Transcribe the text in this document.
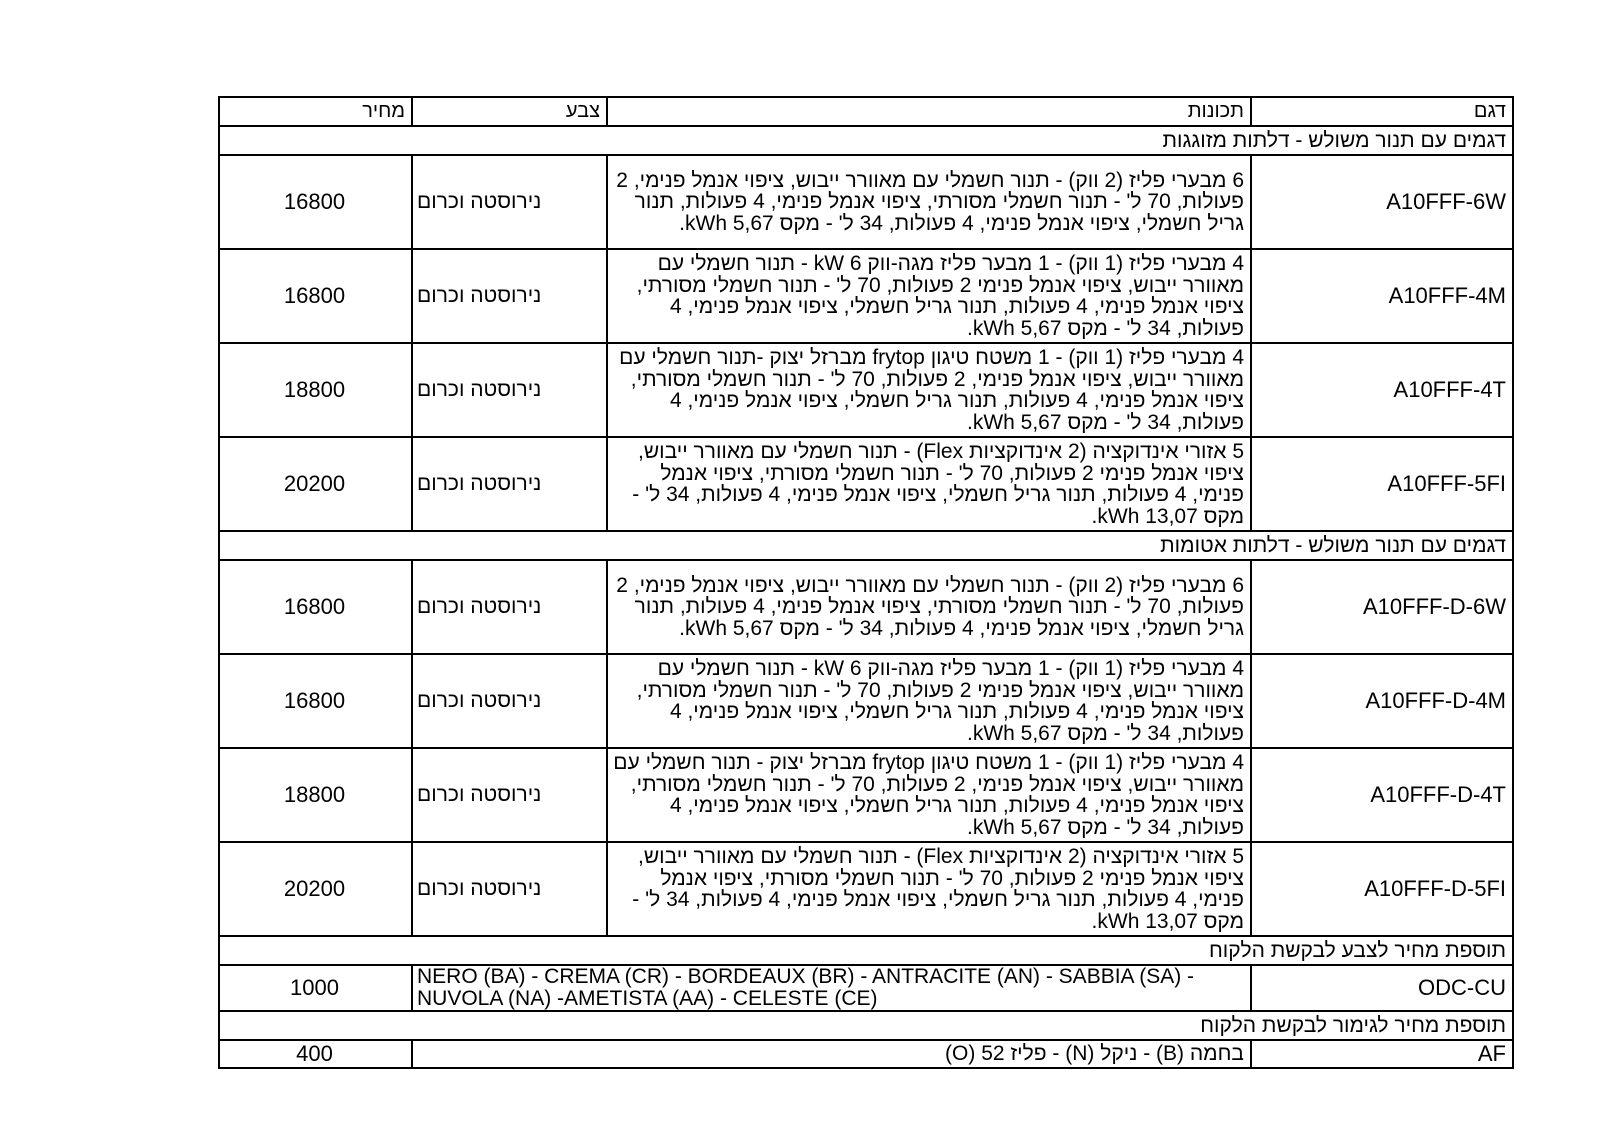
דגם	תכונות	צבע	מחיר
דגמים עם תנור משולש - דלתות מזוגגות			
A10FFF-6W	6 מבערי פליז (2 ווק) - תנור חשמלי עם מאוורר ייבוש, ציפוי אנמל פנימי, 2 פעולות, 70 ל' - תנור חשמלי מסורתי, ציפוי אנמל פנימי, 4 פעולות, תנור גריל חשמלי, ציפוי אנמל פנימי, 4 פעולות, 34 ל' - מקס 5,67 kWh.	נירוסטה וכרום	16800
A10FFF-4M	4 מבערי פליז (1 ווק) - 1 מבער פליז מגה-ווק 6 kW - תנור חשמלי עם מאוורר ייבוש, ציפוי אנמל פנימי 2 פעולות, 70 ל' - תנור חשמלי מסורתי, ציפוי אנמל פנימי, 4 פעולות, תנור גריל חשמלי, ציפוי אנמל פנימי, 4 פעולות, 34 ל' - מקס 5,67 kWh.	נירוסטה וכרום	16800
A10FFF-4T	4 מבערי פליז (1 ווק) - 1 משטח טיגון frytop מברזל יצוק -תנור חשמלי עם מאוורר ייבוש, ציפוי אנמל פנימי, 2 פעולות, 70 ל' - תנור חשמלי מסורתי, ציפוי אנמל פנימי, 4 פעולות, תנור גריל חשמלי, ציפוי אנמל פנימי, 4 פעולות, 34 ל' - מקס 5,67 kWh.	נירוסטה וכרום	18800
A10FFF-5FI	5 אזורי אינדוקציה (2 אינדוקציות Flex) - תנור חשמלי עם מאוורר ייבוש, ציפוי אנמל פנימי 2 פעולות, 70 ל' - תנור חשמלי מסורתי, ציפוי אנמל פנימי, 4 פעולות, תנור גריל חשמלי, ציפוי אנמל פנימי, 4 פעולות, 34 ל' - מקס 13,07 kWh.	נירוסטה וכרום	20200
דגמים עם תנור משולש - דלתות אטומות			
A10FFF-D-6W	6 מבערי פליז (2 ווק) - תנור חשמלי עם מאוורר ייבוש, ציפוי אנמל פנימי, 2 פעולות, 70 ל' - תנור חשמלי מסורתי, ציפוי אנמל פנימי, 4 פעולות, תנור גריל חשמלי, ציפוי אנמל פנימי, 4 פעולות, 34 ל' - מקס 5,67 kWh.	נירוסטה וכרום	16800
A10FFF-D-4M	4 מבערי פליז (1 ווק) - 1 מבער פליז מגה-ווק 6 kW - תנור חשמלי עם מאוורר ייבוש, ציפוי אנמל פנימי 2 פעולות, 70 ל' - תנור חשמלי מסורתי, ציפוי אנמל פנימי, 4 פעולות, תנור גריל חשמלי, ציפוי אנמל פנימי, 4 פעולות, 34 ל' - מקס 5,67 kWh.	נירוסטה וכרום	16800
A10FFF-D-4T	4 מבערי פליז (1 ווק) - 1 משטח טיגון frytop מברזל יצוק - תנור חשמלי עם מאוורר ייבוש, ציפוי אנמל פנימי, 2 פעולות, 70 ל' - תנור חשמלי מסורתי, ציפוי אנמל פנימי, 4 פעולות, תנור גריל חשמלי, ציפוי אנמל פנימי, 4 פעולות, 34 ל' - מקס 5,67 kWh.	נירוסטה וכרום	18800
A10FFF-D-5FI	5 אזורי אינדוקציה (2 אינדוקציות Flex) - תנור חשמלי עם מאוורר ייבוש, ציפוי אנמל פנימי 2 פעולות, 70 ל' - תנור חשמלי מסורתי, ציפוי אנמל פנימי, 4 פעולות, תנור גריל חשמלי, ציפוי אנמל פנימי, 4 פעולות, 34 ל' - מקס 13,07 kWh.	נירוסטה וכרום	20200
תוספת מחיר לצבע לבקשת הלקוח			
ODC-CU	NERO (BA) - CREMA (CR) - BORDEAUX (BR) - ANTRACITE (AN) - SABBIA (SA) - NUVOLA (NA) -AMETISTA (AA) - CELESTE (CE)		1000
תוספת מחיר לגימור לבקשת הלקוח			
AF	בחמה (B) - ניקל (N) - פליז 52 (O)		400
